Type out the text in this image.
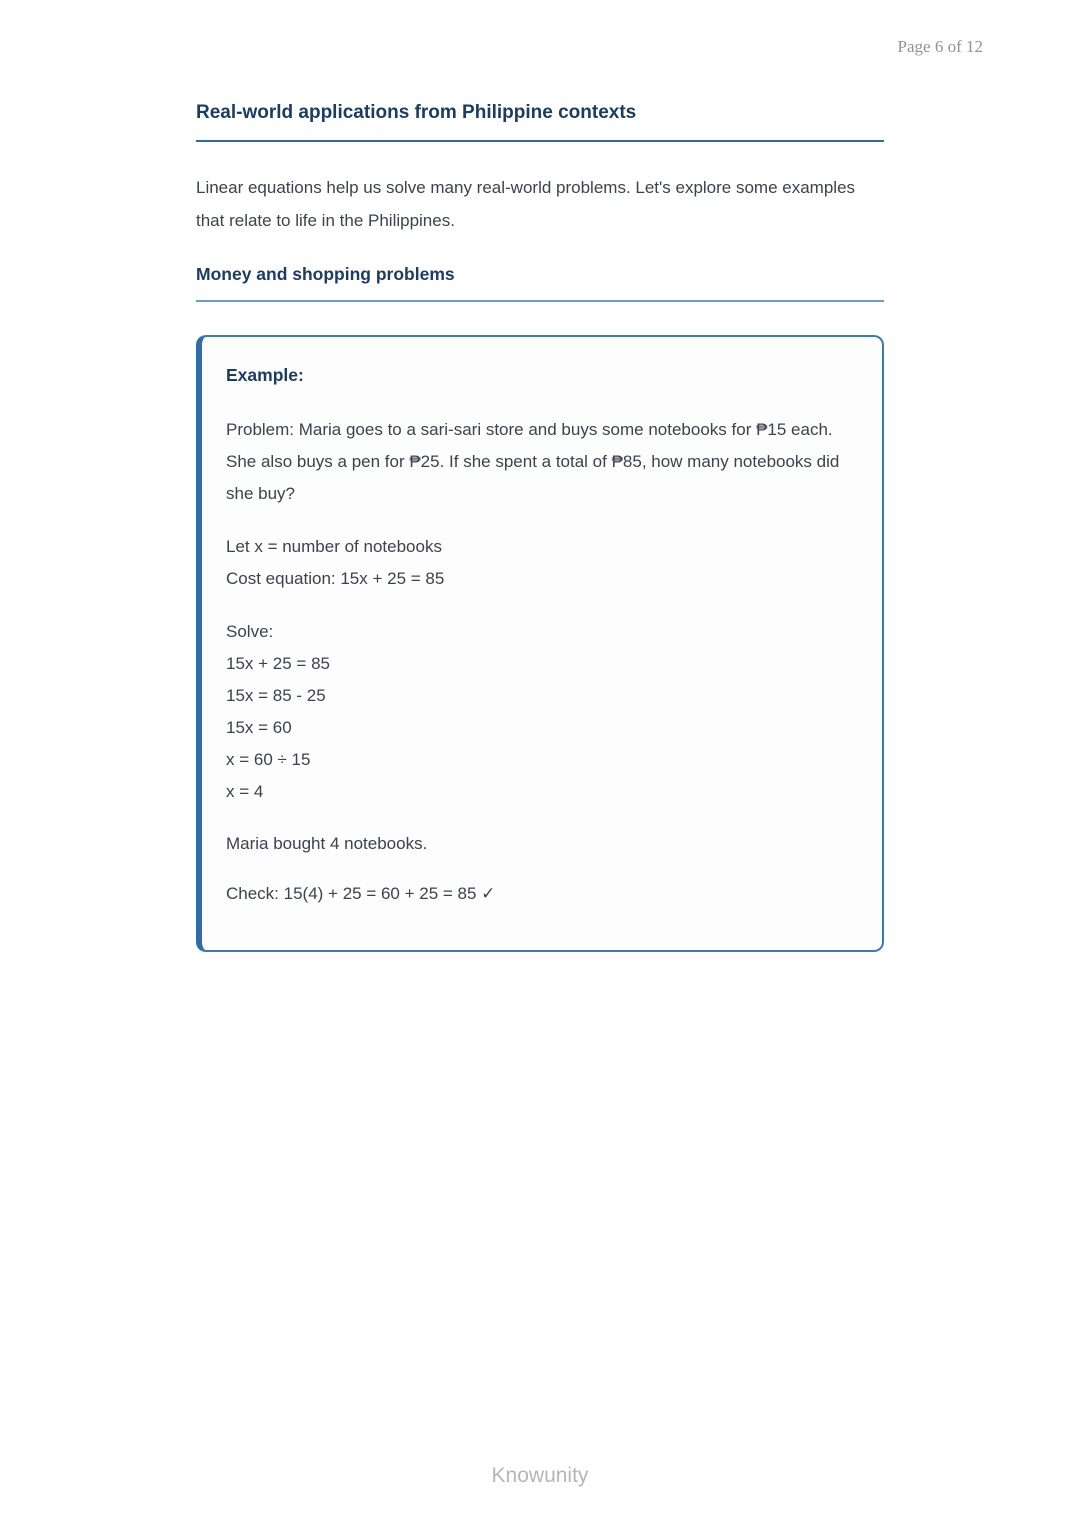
Page 6 of 12
Real-world applications from Philippine contexts

Linear equations help us solve many real-world problems. Let's explore some examples that relate to life in the Philippines.

Money and shopping problems
Example:

Problem: Maria goes to a sari-sari store and buys some notebooks for ₱15 each. She also buys a pen for ₱25. If she spent a total of ₱85, how many notebooks did she buy?

Let x = number of notebooks
Cost equation: 15x + 25 = 85
Solve:
15x + 25 = 85
15x = 85 - 25
15x = 60
x = 60 ÷ 15
x = 4
Maria bought 4 notebooks.
Check: 15(4) + 25 = 60 + 25 = 85 ✓
Knowunity
